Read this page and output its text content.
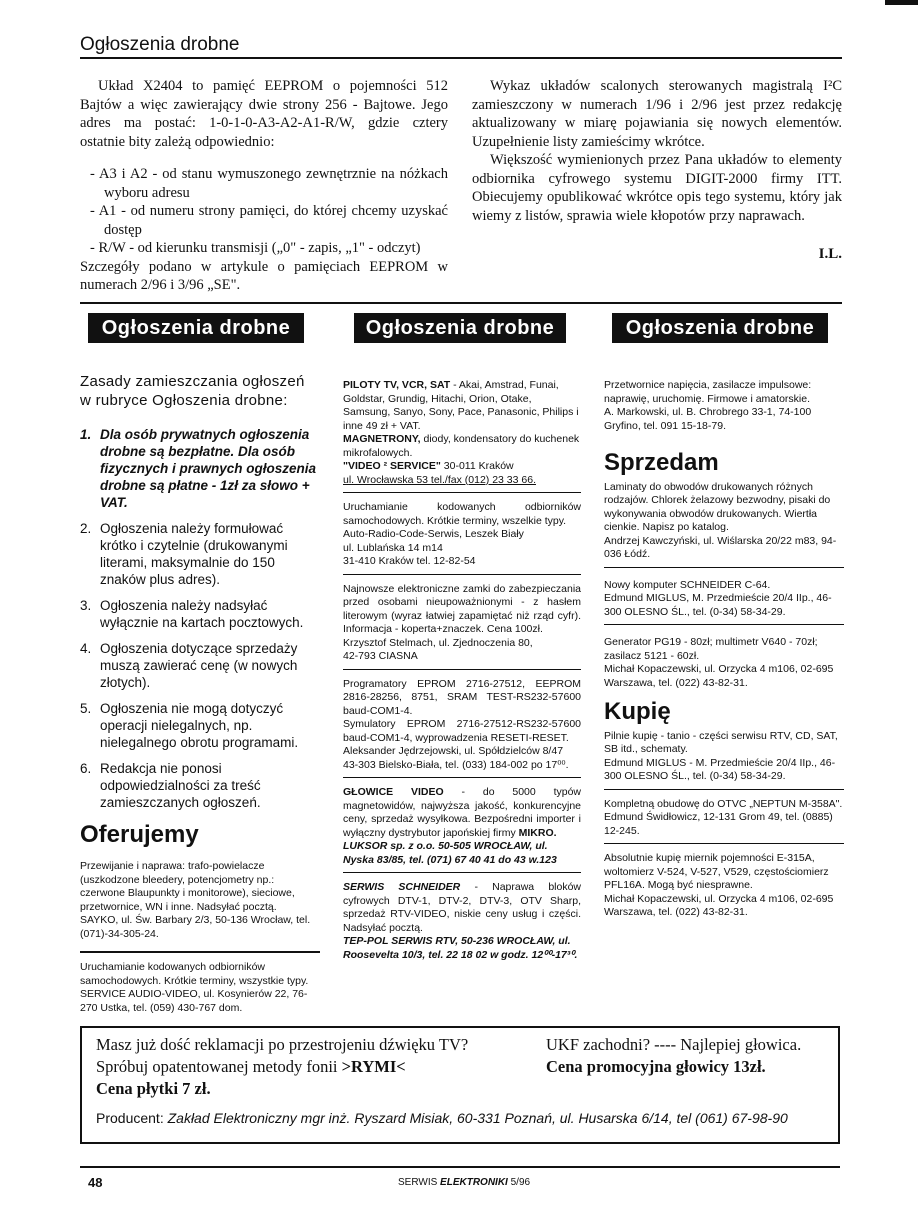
Ogłoszenia drobne

Układ X2404 to pamięć EEPROM o pojemności 512 Bajtów a więc zawierający dwie strony 256 - Bajtowe. Jego adres ma postać: 1-0-1-0-A3-A2-A1-R/W, gdzie cztery ostatnie bity zależą odpowiednio:

- A3 i A2 - od stanu wymuszonego zewnętrznie na nóżkach wyboru adresu
- A1 - od numeru strony pamięci, do której chcemy uzyskać dostęp
- R/W - od kierunku transmisji („0" - zapis, „1" - odczyt)

Szczegóły podano w artykule o pamięciach EEPROM w numerach 2/96 i 3/96 „SE".

Wykaz układów scalonych sterowanych magistralą I²C zamieszczony w numerach 1/96 i 2/96 jest przez redakcję aktualizowany w miarę pojawiania się nowych elementów. Uzupełnienie listy zamieścimy wkrótce.

Większość wymienionych przez Pana układów to elementy odbiornika cyfrowego systemu DIGIT-2000 firmy ITT. Obiecujemy opublikować wkrótce opis tego systemu, który jak wiemy z listów, sprawia wiele kłopotów przy naprawach.

I.L.
Ogłoszenia drobne	Ogłoszenia drobne	Ogłoszenia drobne
Zasady zamieszczania ogłoszeń w rubryce Ogłoszenia drobne:
1. Dla osób prywatnych ogłoszenia drobne są bezpłatne. Dla osób fizycznych i prawnych ogłoszenia drobne są płatne - 1zł za słowo + VAT.
2. Ogłoszenia należy formułować krótko i czytelnie (drukowanymi literami, maksymalnie do 150 znaków plus adres).
3. Ogłoszenia należy nadsyłać wyłącznie na kartach pocztowych.
4. Ogłoszenia dotyczące sprzedaży muszą zawierać cenę (w nowych złotych).
5. Ogłoszenia nie mogą dotyczyć operacji nielegalnych, np. nielegalnego obrotu programami.
6. Redakcja nie ponosi odpowiedzialności za treść zamieszczanych ogłoszeń.
Oferujemy

Przewijanie i naprawa: trafo-powielacze (uszkodzone bleedery, potencjometry np.: czerwone Blaupunkty i monitorowe), sieciowe, przetwornice, WN i inne. Nadsyłać pocztą.

SAYKO, ul. Św. Barbary 2/3, 50-136 Wrocław, tel. (071)-34-305-24.

Uruchamianie kodowanych odbiorników samochodowych. Krótkie terminy, wszystkie typy.

SERVICE AUDIO-VIDEO, ul. Kosynierów 22, 76-270 Ustka, tel. (059) 430-767 dom.

PILOTY TV, VCR, SAT - Akai, Amstrad, Funai, Goldstar, Grundig, Hitachi, Orion, Otake, Samsung, Sanyo, Sony, Pace, Panasonic, Philips i inne 49 zł + VAT.

MAGNETRONY, diody, kondensatory do kuchenek mikrofalowych.

"VIDEO ² SERVICE" 30-011 Kraków

ul. Wrocławska 53 tel./fax (012) 23 33 66.

Uruchamianie kodowanych odbiorników samochodowych. Krótkie terminy, wszelkie typy.

Auto-Radio-Code-Serwis, Leszek Biały

ul. Lublańska 14 m14

31-410 Kraków tel. 12-82-54

Najnowsze elektroniczne zamki do zabezpieczania przed osobami nieupoważnionymi - z hasłem literowym (wyraz łatwiej zapamiętać niż rząd cyfr). Informacja - koperta+znaczek. Cena 100zł.

Krzysztof Stelmach, ul. Zjednoczenia 80,

42-793 CIASNA

Programatory EPROM 2716-27512, EEPROM 2816-28256, 8751, SRAM TEST-RS232-57600 baud-COM1-4.

Symulatory EPROM 2716-27512-RS232-57600 baud-COM1-4, wyprowadzenia RESETI-RESET.

Aleksander Jędrzejowski, ul. Spółdzielców 8/47

43-303 Bielsko-Biała, tel. (033) 184-002 po 17⁰⁰.

GŁOWICE VIDEO - do 5000 typów magnetowidów, najwyższa jakość, konkurencyjne ceny, sprzedaż wysyłkowa. Bezpośredni importer i wyłączny dystrybutor japońskiej firmy MIKRO.

LUKSOR sp. z o.o. 50-505 WROCŁAW, ul. Nyska 83/85, tel. (071) 67 40 41 do 43 w.123

SERWIS SCHNEIDER - Naprawa bloków cyfrowych DTV-1, DTV-2, DTV-3, OTV Sharp, sprzedaż RTV-VIDEO, niskie ceny usług i części. Nadsyłać pocztą.

TEP-POL SERWIS RTV, 50-236 WROCŁAW, ul. Roosevelta 10/3, tel. 22 18 02 w godz. 12⁰⁰-17³⁰.

Przetwornice napięcia, zasilacze impulsowe: naprawię, uruchomię. Firmowe i amatorskie.

A. Markowski, ul. B. Chrobrego 33-1, 74-100 Gryfino, tel. 091 15-18-79.

Sprzedam

Laminaty do obwodów drukowanych różnych rodzajów. Chlorek żelazowy bezwodny, pisaki do wykonywania obwodów drukowanych. Wiertła cienkie. Napisz po katalog.

Andrzej Kawczyński, ul. Wiślarska 20/22 m83, 94-036 Łódź.

Nowy komputer SCHNEIDER C-64.

Edmund MIGLUS, M. Przedmieście 20/4 IIp., 46-300 OLESNO ŚL., tel. (0-34) 58-34-29.

Generator PG19 - 80zł; multimetr V640 - 70zł; zasilacz 5121 - 60zł.

Michał Kopaczewski, ul. Orzycka 4 m106, 02-695 Warszawa, tel. (022) 43-82-31.

Kupię

Pilnie kupię - tanio - części serwisu RTV, CD, SAT, SB itd., schematy.

Edmund MIGLUS - M. Przedmieście 20/4 IIp., 46-300 OLESNO ŚL., tel. (0-34) 58-34-29.

Kompletną obudowę do OTVC „NEPTUN M-358A".

Edmund Świdłowicz, 12-131 Grom 49, tel. (0885) 12-245.

Absolutnie kupię miernik pojemności E-315A, woltomierz V-524, V-527, V529, częstościomierz PFL16A. Mogą być niesprawne.

Michał Kopaczewski, ul. Orzycka 4 m106, 02-695 Warszawa, tel. (022) 43-82-31.

Masz już dość reklamacji po przestrojeniu dźwięku TV?
Spróbuj opatentowanej metody fonii >RYMI<
Cena płytki 7 zł.
UKF zachodni? ---- Najlepiej głowica.
Cena promocyjna głowicy 13zł.
Producent: Zakład Elektroniczny mgr inż. Ryszard Misiak, 60-331 Poznań, ul. Husarska 6/14, tel (061) 67-98-90
48	SERWIS ELEKTRONIKI 5/96
